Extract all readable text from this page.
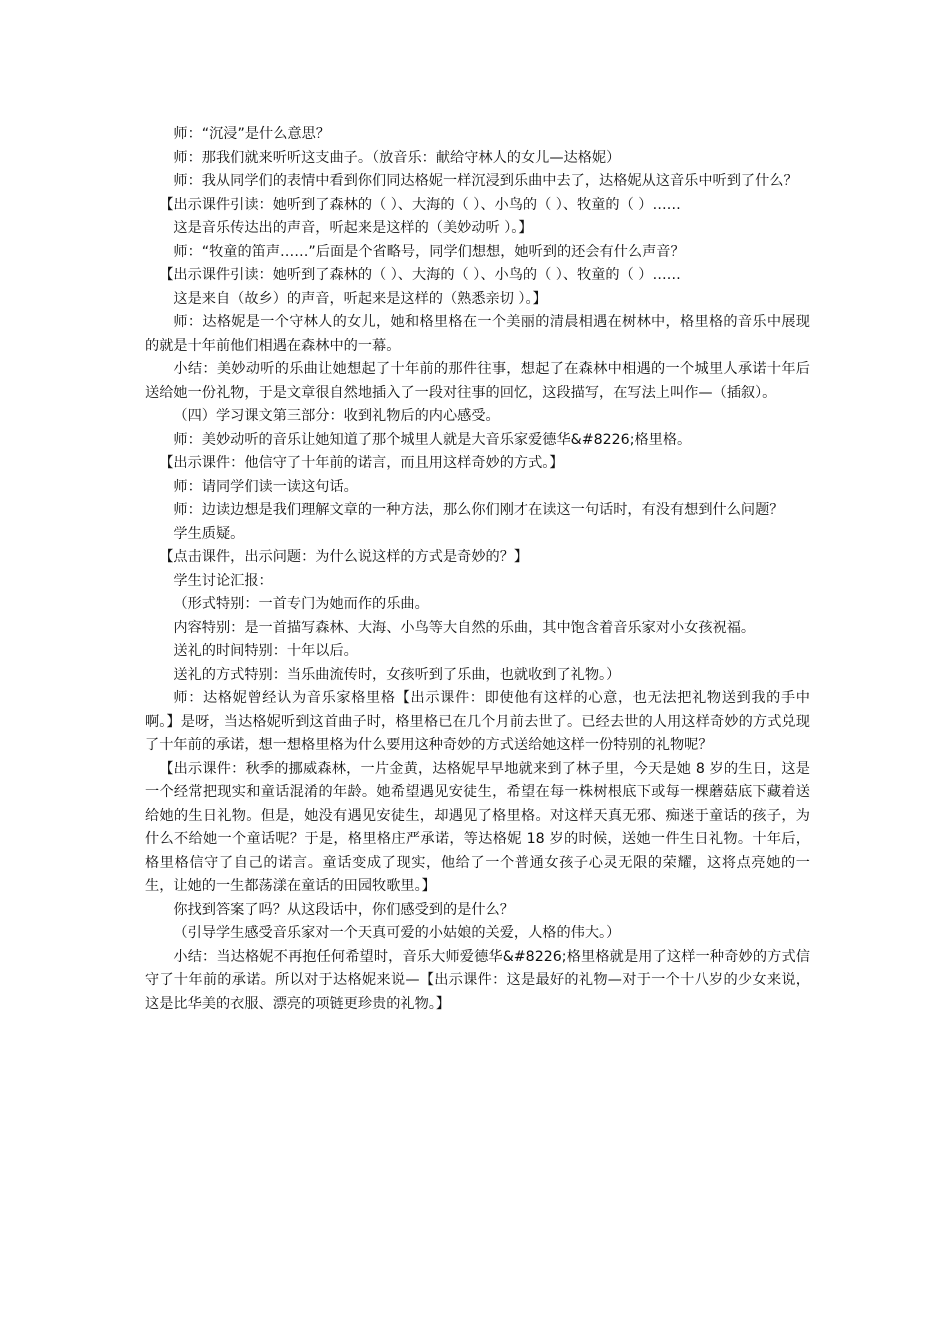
师：“沉浸”是什么意思？

师：那我们就来听听这支曲子。（放音乐：献给守林人的女儿—达格妮）

师：我从同学们的表情中看到你们同达格妮一样沉浸到乐曲中去了，达格妮从这音乐中听到了什么？

【出示课件引读：她听到了森林的（ ）、大海的（ ）、小鸟的（ ）、牧童的（ ）……

这是音乐传达出的声音，听起来是这样的（美妙动听 ）。】

师：“牧童的笛声……”后面是个省略号，同学们想想，她听到的还会有什么声音？

【出示课件引读：她听到了森林的（ ）、大海的（ ）、小鸟的（ ）、牧童的（ ）……

这是来自（故乡）的声音，听起来是这样的（熟悉亲切 ）。】

师：达格妮是一个守林人的女儿，她和格里格在一个美丽的清晨相遇在树林中，格里格的音乐中展现的就是十年前他们相遇在森林中的一幕。

小结：美妙动听的乐曲让她想起了十年前的那件往事，想起了在森林中相遇的一个城里人承诺十年后送给她一份礼物，于是文章很自然地插入了一段对往事的回忆，这段描写，在写法上叫作—（插叙）。

（四）学习课文第三部分：收到礼物后的内心感受。

师：美妙动听的音乐让她知道了那个城里人就是大音乐家爱德华&#8226;格里格。

【出示课件：他信守了十年前的诺言，而且用这样奇妙的方式。】

师：请同学们读一读这句话。

师：边读边想是我们理解文章的一种方法，那么你们刚才在读这一句话时，有没有想到什么问题？

学生质疑。

【点击课件，出示问题：为什么说这样的方式是奇妙的？】

学生讨论汇报：

（形式特别：一首专门为她而作的乐曲。

内容特别：是一首描写森林、大海、小鸟等大自然的乐曲，其中饱含着音乐家对小女孩祝福。

送礼的时间特别：十年以后。

送礼的方式特别：当乐曲流传时，女孩听到了乐曲，也就收到了礼物。）

师：达格妮曾经认为音乐家格里格【出示课件：即使他有这样的心意，也无法把礼物送到我的手中啊。】是呀，当达格妮听到这首曲子时，格里格已在几个月前去世了。已经去世的人用这样奇妙的方式兑现了十年前的承诺，想一想格里格为什么要用这种奇妙的方式送给她这样一份特别的礼物呢？

【出示课件：秋季的挪威森林，一片金黄，达格妮早早地就来到了林子里，今天是她 8 岁的生日，这是一个经常把现实和童话混淆的年龄。她希望遇见安徒生，希望在每一株树根底下或每一棵蘑菇底下藏着送给她的生日礼物。但是，她没有遇见安徒生，却遇见了格里格。对这样天真无邪、痴迷于童话的孩子，为什么不给她一个童话呢？于是，格里格庄严承诺，等达格妮 18 岁的时候，送她一件生日礼物。十年后，格里格信守了自己的诺言。童话变成了现实，他给了一个普通女孩子心灵无限的荣耀，这将点亮她的一生，让她的一生都荡漾在童话的田园牧歌里。】

你找到答案了吗？从这段话中，你们感受到的是什么？

（引导学生感受音乐家对一个天真可爱的小姑娘的关爱，人格的伟大。）

小结：当达格妮不再抱任何希望时，音乐大师爱德华&#8226;格里格就是用了这样一种奇妙的方式信守了十年前的承诺。所以对于达格妮来说—【出示课件：这是最好的礼物—对于一个十八岁的少女来说，这是比华美的衣服、漂亮的项链更珍贵的礼物。】
